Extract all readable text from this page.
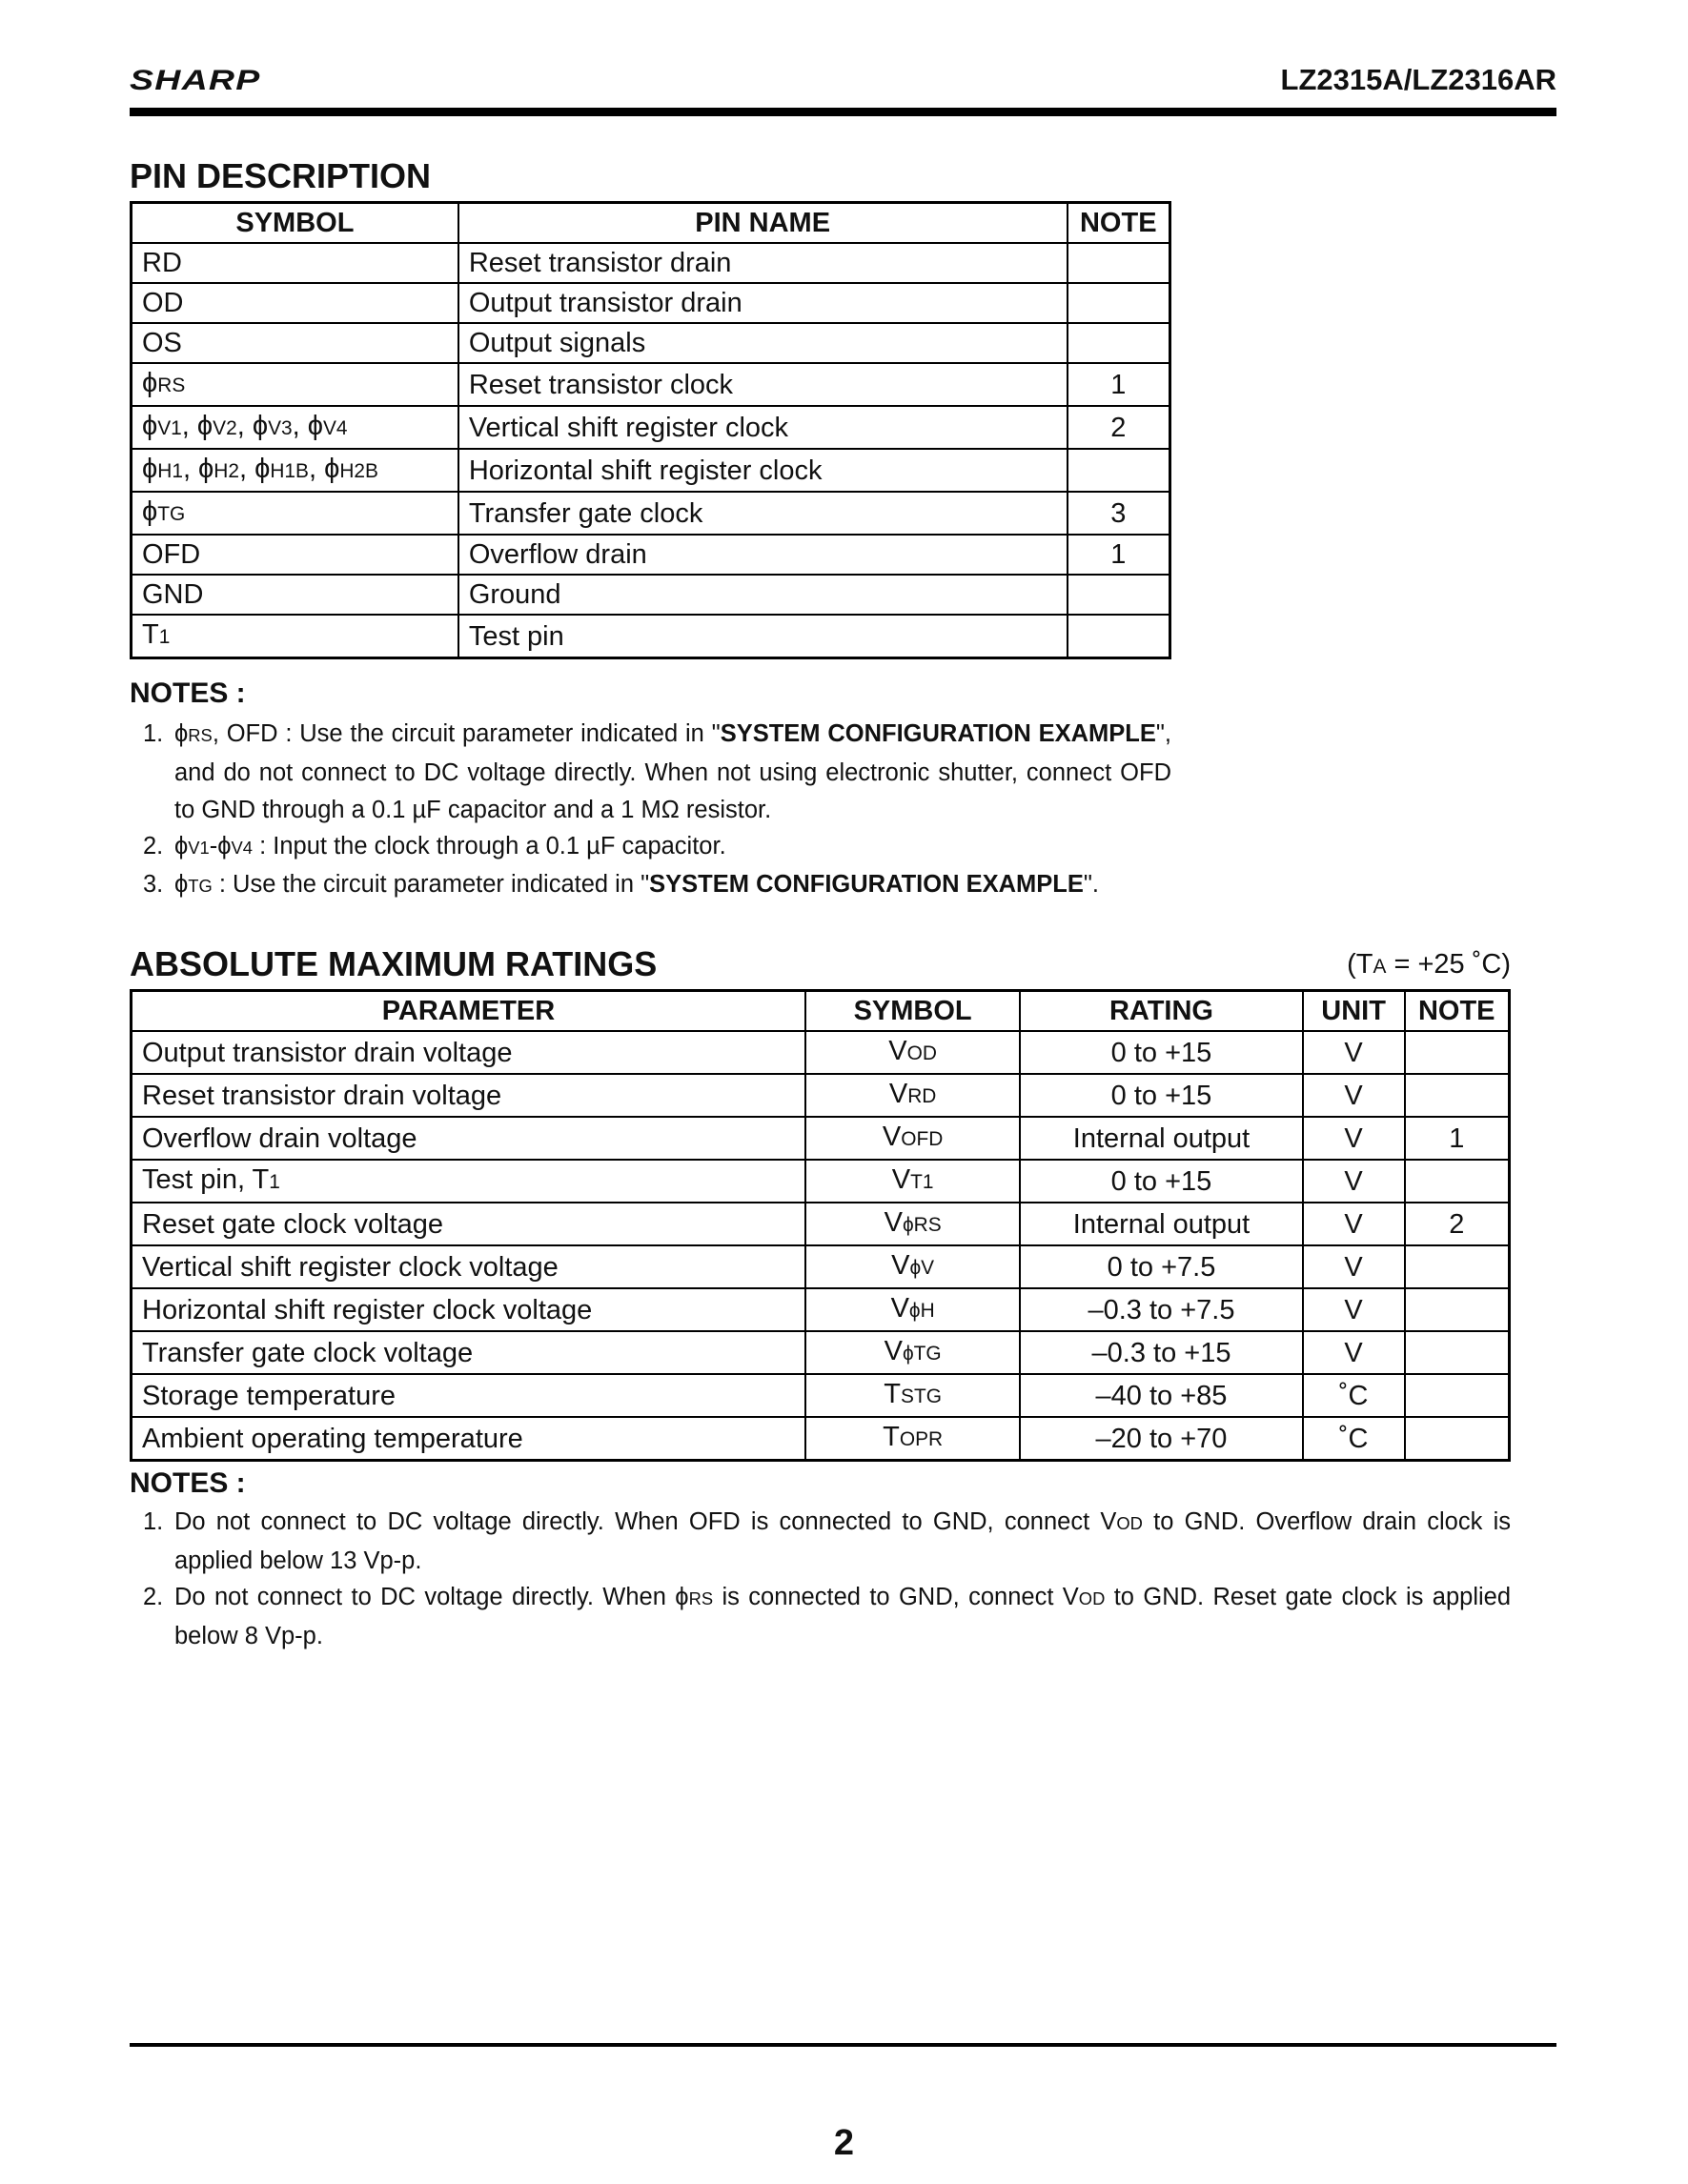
SHARP	LZ2315A/LZ2316AR
PIN DESCRIPTION
SYMBOL	PIN NAME	NOTE
RD	Reset transistor drain	
OD	Output transistor drain	
OS	Output signals	
ϕRS	Reset transistor clock	1
ϕV1, ϕV2, ϕV3, ϕV4	Vertical shift register clock	2
ϕH1, ϕH2, ϕH1B, ϕH2B	Horizontal shift register clock	
ϕTG	Transfer gate clock	3
OFD	Overflow drain	1
GND	Ground	
T1	Test pin	
NOTES :
1. ϕRS, OFD : Use the circuit parameter indicated in "SYSTEM CONFIGURATION EXAMPLE", and do not connect to DC voltage directly. When not using electronic shutter, connect OFD to GND through a 0.1 µF capacitor and a 1 MΩ resistor.
2. ϕV1-ϕV4 : Input the clock through a 0.1 µF capacitor.
3. ϕTG : Use the circuit parameter indicated in "SYSTEM CONFIGURATION EXAMPLE".
ABSOLUTE MAXIMUM RATINGS	(TA = +25 ˚C)
PARAMETER	SYMBOL	RATING	UNIT	NOTE
Output transistor drain voltage	VOD	0 to +15	V	
Reset transistor drain voltage	VRD	0 to +15	V	
Overflow drain voltage	VOFD	Internal output	V	1
Test pin, T1	VT1	0 to +15	V	
Reset gate clock voltage	VϕRS	Internal output	V	2
Vertical shift register clock voltage	VϕV	0 to +7.5	V	
Horizontal shift register clock voltage	VϕH	–0.3 to +7.5	V	
Transfer gate clock voltage	VϕTG	–0.3 to +15	V	
Storage temperature	TSTG	–40 to +85	˚C	
Ambient operating temperature	TOPR	–20 to +70	˚C	
NOTES :
1. Do not connect to DC voltage directly. When OFD is connected to GND, connect VOD to GND. Overflow drain clock is applied below 13 Vp-p.
2. Do not connect to DC voltage directly. When ϕRS is connected to GND, connect VOD to GND. Reset gate clock is applied below 8 Vp-p.
2
